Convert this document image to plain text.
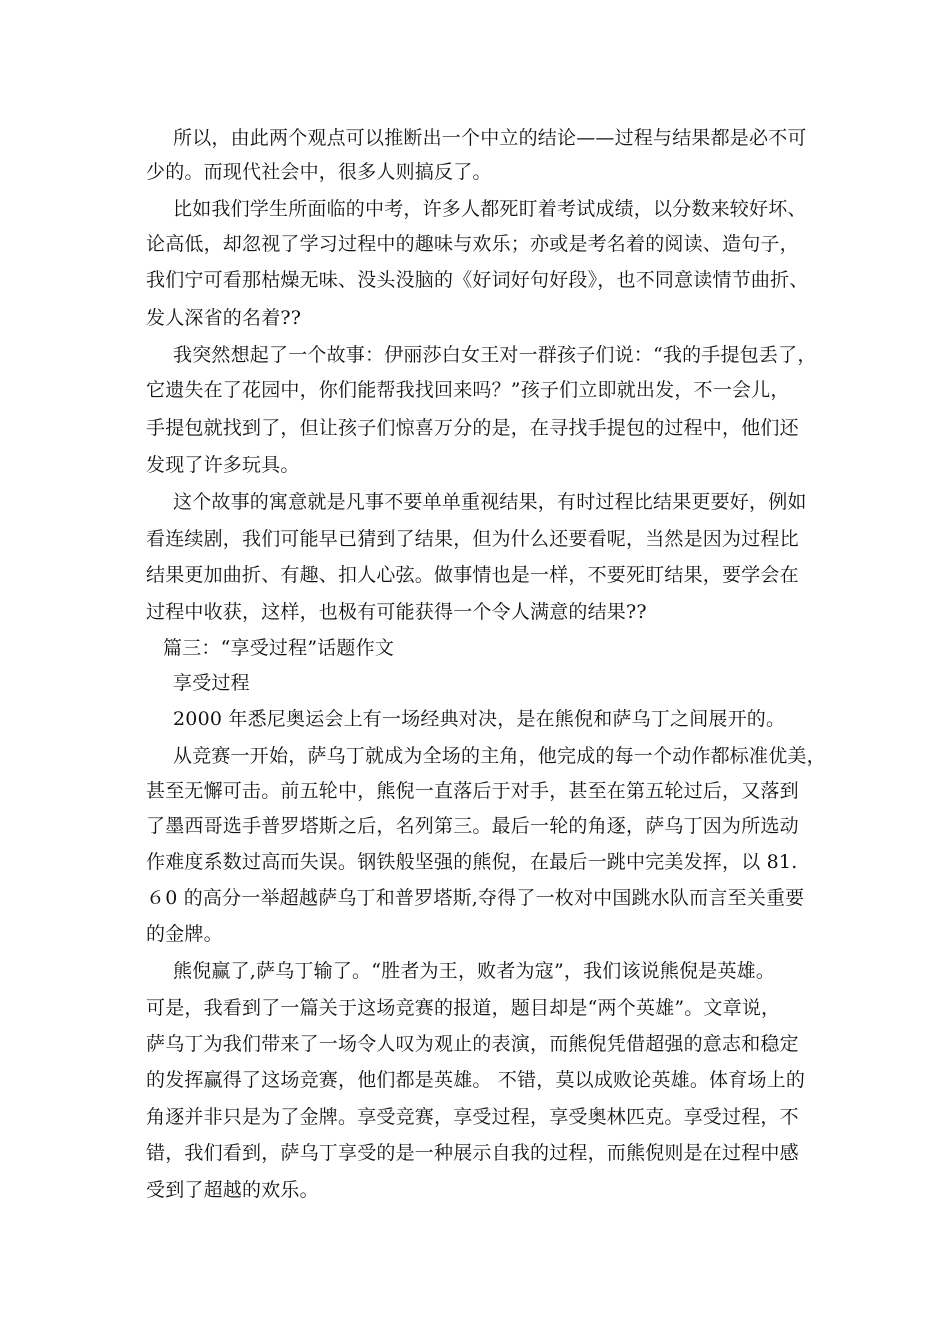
所以，由此两个观点可以推断出一个中立的结论——过程与结果都是必不可

少的。而现代社会中，很多人则搞反了。

比如我们学生所面临的中考，许多人都死盯着考试成绩，以分数来较好坏、

论高低，却忽视了学习过程中的趣味与欢乐；亦或是考名着的阅读、造句子，

我们宁可看那枯燥无味、没头没脑的《好词好句好段》，也不同意读情节曲折、

发人深省的名着??

我突然想起了一个故事：伊丽莎白女王对一群孩子们说：“我的手提包丢了，

它遗失在了花园中，你们能帮我找回来吗？”孩子们立即就出发，不一会儿，

手提包就找到了，但让孩子们惊喜万分的是，在寻找手提包的过程中，他们还

发现了许多玩具。

这个故事的寓意就是凡事不要单单重视结果，有时过程比结果更要好，例如

看连续剧，我们可能早已猜到了结果，但为什么还要看呢，当然是因为过程比

结果更加曲折、有趣、扣人心弦。做事情也是一样，不要死盯结果，要学会在

过程中收获，这样，也极有可能获得一个令人满意的结果??

篇三：“享受过程”话题作文

享受过程

2000 年悉尼奥运会上有一场经典对决，是在熊倪和萨乌丁之间展开的。

从竞赛一开始，萨乌丁就成为全场的主角，他完成的每一个动作都标准优美，

甚至无懈可击。前五轮中，熊倪一直落后于对手，甚至在第五轮过后，又落到

了墨西哥选手普罗塔斯之后，名列第三。最后一轮的角逐，萨乌丁因为所选动

作难度系数过高而失误。钢铁般坚强的熊倪，在最后一跳中完美发挥，以 81.

６0 的高分一举超越萨乌丁和普罗塔斯,夺得了一枚对中国跳水队而言至关重要

的金牌。

熊倪赢了,萨乌丁输了。“胜者为王，败者为寇”，我们该说熊倪是英雄。

可是，我看到了一篇关于这场竞赛的报道，题目却是“两个英雄”。文章说，

萨乌丁为我们带来了一场令人叹为观止的表演，而熊倪凭借超强的意志和稳定

的发挥赢得了这场竞赛，他们都是英雄。 不错，莫以成败论英雄。体育场上的

角逐并非只是为了金牌。享受竞赛，享受过程，享受奥林匹克。享受过程，不

错，我们看到，萨乌丁享受的是一种展示自我的过程，而熊倪则是在过程中感

受到了超越的欢乐。
